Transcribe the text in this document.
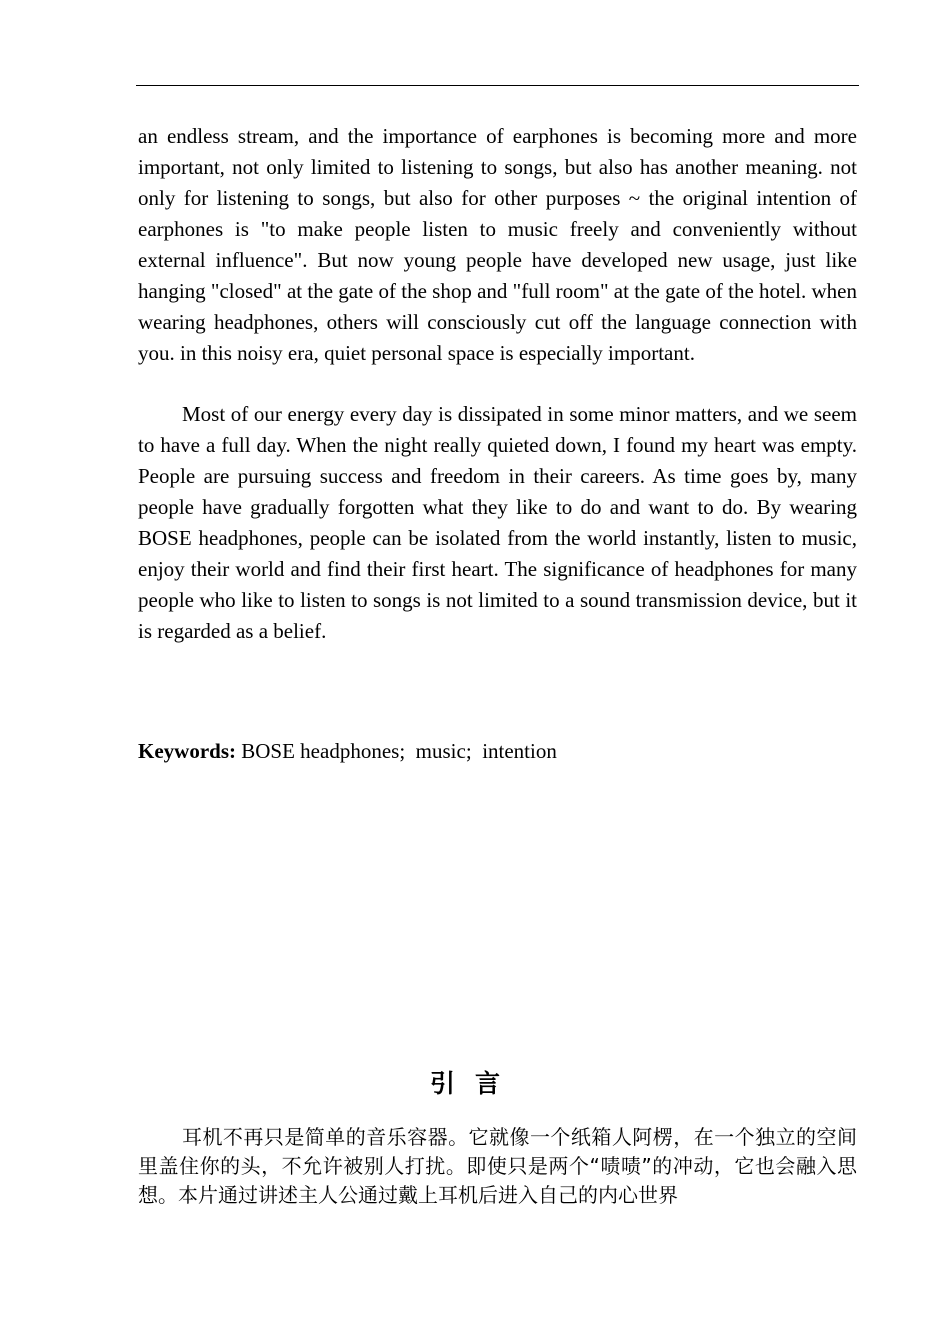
an endless stream, and the importance of earphones is becoming more and more important, not only limited to listening to songs, but also has another meaning. not only for listening to songs, but also for other purposes ~ the original intention of earphones is "to make people listen to music freely and conveniently without external influence". But now young people have developed new usage, just like hanging "closed" at the gate of the shop and "full room" at the gate of the hotel. when wearing headphones, others will consciously cut off the language connection with you. in this noisy era, quiet personal space is especially important.

Most of our energy every day is dissipated in some minor matters, and we seem to have a full day. When the night really quieted down, I found my heart was empty. People are pursuing success and freedom in their careers. As time goes by, many people have gradually forgotten what they like to do and want to do. By wearing BOSE headphones, people can be isolated from the world instantly, listen to music, enjoy their world and find their first heart. The significance of headphones for many people who like to listen to songs is not limited to a sound transmission device, but it is regarded as a belief.

Keywords: BOSE headphones;  music;  intention

引言

耳机不再只是简单的音乐容器。它就像一个纸箱人阿楞，在一个独立的空间里盖住你的头，不允许被别人打扰。即使只是两个“啧啧”的冲动，它也会融入思想。本片通过讲述主人公通过戴上耳机后进入自己的内心世界
